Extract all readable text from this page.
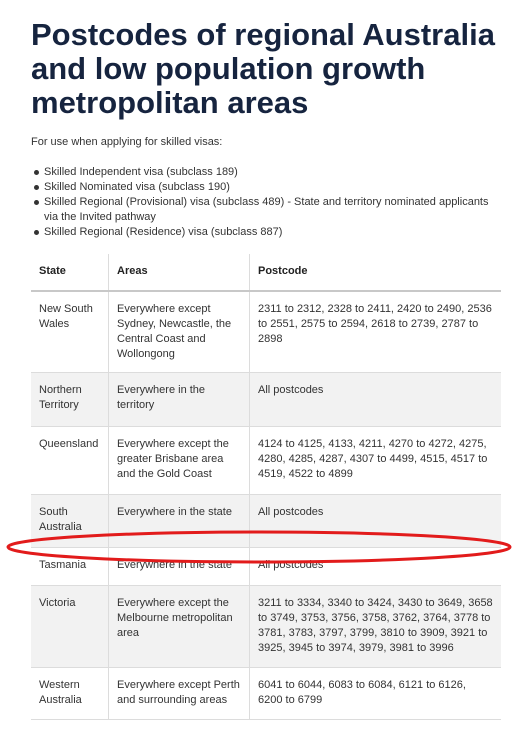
Postcodes of regional Australia and low population growth metropolitan areas

For use when applying for skilled visas:

Skilled Independent visa (subclass 189)
Skilled Nominated visa (subclass 190)
Skilled Regional (Provisional) visa (subclass 489) - State and territory nominated applicants via the Invited pathway
Skilled Regional (Residence) visa (subclass 887)
State	Areas	Postcode
New South Wales	Everywhere except Sydney, Newcastle, the Central Coast and Wollongong	2311 to 2312, 2328 to 2411, 2420 to 2490, 2536 to 2551, 2575 to 2594, 2618 to 2739, 2787 to 2898
Northern Territory	Everywhere in the territory	All postcodes
Queensland	Everywhere except the greater Brisbane area and the Gold Coast	4124 to 4125, 4133, 4211, 4270 to 4272, 4275, 4280, 4285, 4287, 4307 to 4499, 4515, 4517 to 4519, 4522 to 4899
South Australia	Everywhere in the state	All postcodes
Tasmania	Everywhere in the state	All postcodes
Victoria	Everywhere except the Melbourne metropolitan area	3211 to 3334, 3340 to 3424, 3430 to 3649, 3658 to 3749, 3753, 3756, 3758, 3762, 3764, 3778 to 3781, 3783, 3797, 3799, 3810 to 3909, 3921 to 3925, 3945 to 3974, 3979, 3981 to 3996
Western Australia	Everywhere except Perth and surrounding areas	6041 to 6044, 6083 to 6084, 6121 to 6126, 6200 to 6799
